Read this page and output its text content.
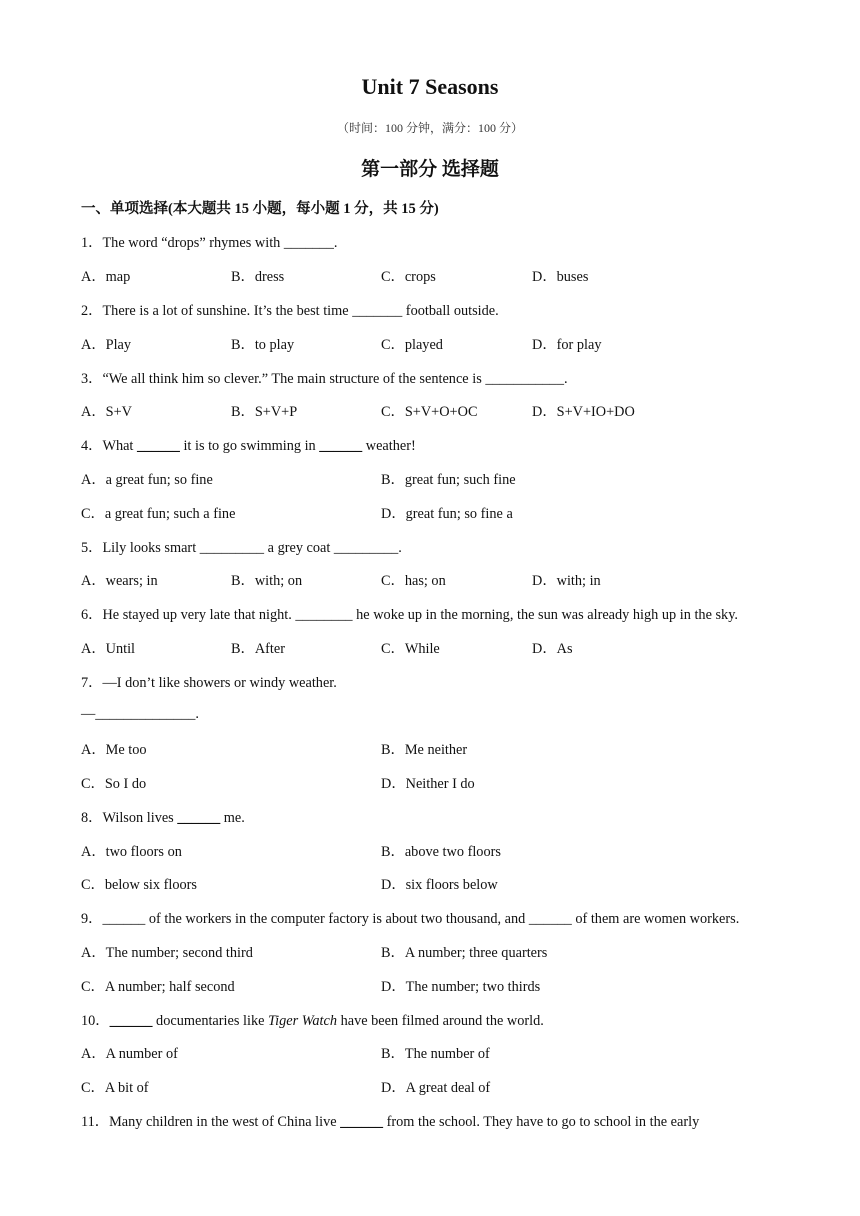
Unit 7 Seasons
（时间：100 分钟，满分：100 分）
第一部分 选择题
一、单项选择(本大题共 15 小题，每小题 1 分，共 15 分)
1．The word “drops” rhymes with _______.
A．map	B．dress	C．crops	D．buses
2．There is a lot of sunshine. It’s the best time _______ football outside.
A．Play	B．to play	C．played	D．for play
3．“We all think him so clever.” The main structure of the sentence is ___________.
A．S+V	B．S+V+P	C．S+V+O+OC	D．S+V+IO+DO
4．What ______ it is to go swimming in ______ weather!
A．a great fun; so fine	B．great fun; such fine
C．a great fun; such a fine	D．great fun; so fine a
5．Lily looks smart _________ a grey coat _________.
A．wears; in	B．with; on	C．has; on	D．with; in
6．He stayed up very late that night. ________ he woke up in the morning, the sun was already high up in the sky.
A．Until	B．After	C．While	D．As
7．—I don’t like showers or windy weather.
—______________.
A．Me too	B．Me neither
C．So I do	D．Neither I do
8．Wilson lives ______ me.
A．two floors on	B．above two floors
C．below six floors	D．six floors below
9．______ of the workers in the computer factory is about two thousand, and ______ of them are women workers.
A．The number; second third	B．A number; three quarters
C．A number; half second	D．The number; two thirds
10．______ documentaries like Tiger Watch have been filmed around the world.
A．A number of	B．The number of
C．A bit of	D．A great deal of
11．Many children in the west of China live ______ from the school. They have to go to school in the early
